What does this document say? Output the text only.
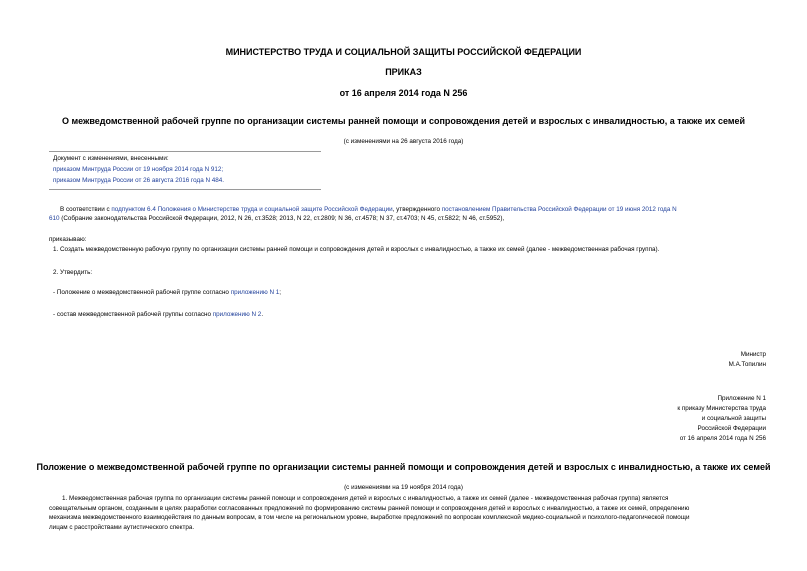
МИНИСТЕРСТВО ТРУДА И СОЦИАЛЬНОЙ ЗАЩИТЫ РОССИЙСКОЙ ФЕДЕРАЦИИ
ПРИКАЗ
от 16 апреля 2014 года N 256
О межведомственной рабочей группе по организации системы ранней помощи и сопровождения детей и взрослых с инвалидностью, а также их семей
(с изменениями на 26 августа 2016 года)
Документ с изменениями, внесенными:
приказом Минтруда России от 19 ноября 2014 года N 912;
приказом Минтруда России от 26 августа 2016 года N 484.
В соответствии с подпунктом 6.4 Положения о Министерстве труда и социальной защите Российской Федерации, утвержденного постановлением Правительства Российской Федерации от 19 июня 2012 года N
610 (Собрание законодательства Российской Федерации, 2012, N 26, ст.3528; 2013, N 22, ст.2809; N 36, ст.4578; N 37, ст.4703; N 45, ст.5822; N 46, ст.5952),
приказываю:
1. Создать межведомственную рабочую группу по организации системы ранней помощи и сопровождения детей и взрослых с инвалидностью, а также их семей (далее - межведомственная рабочая группа).
2. Утвердить:
- Положение о межведомственной рабочей группе согласно приложению N 1;
- состав межведомственной рабочей группы согласно приложению N 2.
Министр
М.А.Топилин
Приложение N 1
к приказу Министерства труда
и социальной защиты
Российской Федерации
от 16 апреля 2014 года N 256
Положение о межведомственной рабочей группе по организации системы ранней помощи и сопровождения детей и взрослых с инвалидностью, а также их семей
(с изменениями на 19 ноября 2014 года)
1. Межведомственная рабочая группа по организации системы ранней помощи и сопровождения детей и взрослых с инвалидностью, а также их семей (далее - межведомственная рабочая группа) является
совещательным органом, созданным в целях разработки согласованных предложений по формированию системы ранней помощи и сопровождения детей и взрослых с инвалидностью, а также их семей, определению
механизма межведомственного взаимодействия по данным вопросам, в том числе на региональном уровне, выработке предложений по вопросам комплексной медико-социальной и психолого-педагогической помощи
лицам с расстройствами аутистического спектра.
